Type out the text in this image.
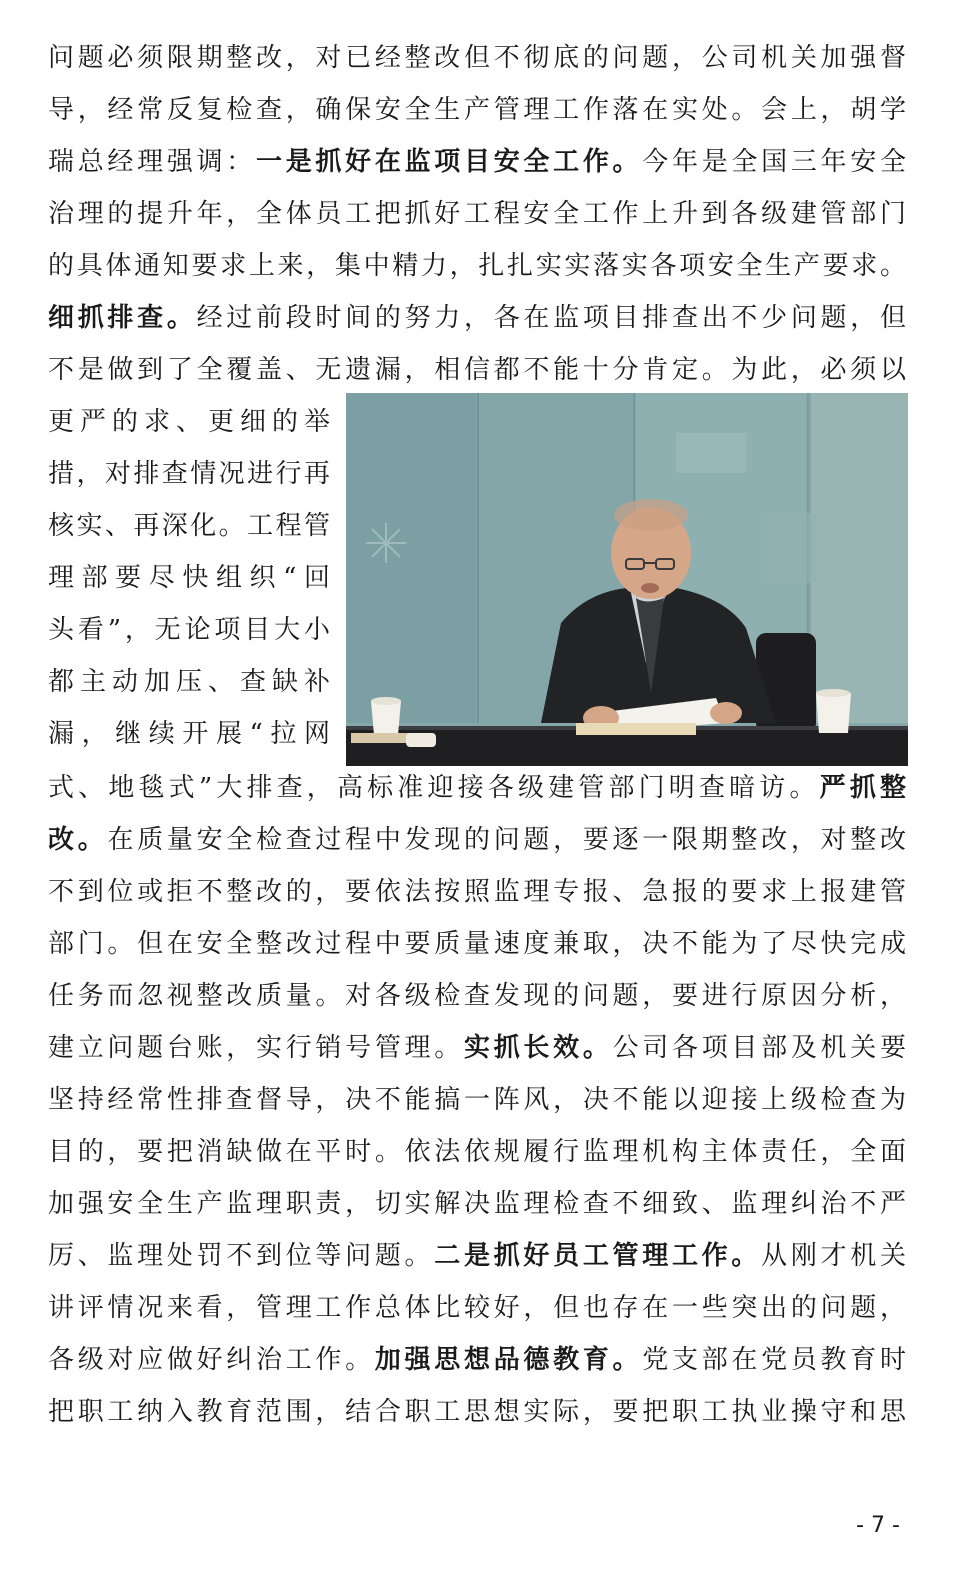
问题必须限期整改，对已经整改但不彻底的问题，公司机关加强督
导，经常反复检查，确保安全生产管理工作落在实处。会上，胡学
瑞总经理强调：一是抓好在监项目安全工作。今年是全国三年安全
治理的提升年，全体员工把抓好工程安全工作上升到各级建管部门
的具体通知要求上来，集中精力，扎扎实实落实各项安全生产要求。
细抓排查。经过前段时间的努力，各在监项目排查出不少问题，但
不是做到了全覆盖、无遗漏，相信都不能十分肯定。为此，必须以
更严的求、更细的举
措，对排查情况进行再
核实、再深化。工程管
理部要尽快组织“回
头看”，无论项目大小
都主动加压、查缺补
漏，继续开展“拉网
式、地毯式”大排查，高标准迎接各级建管部门明查暗访。严抓整
改。在质量安全检查过程中发现的问题，要逐一限期整改，对整改
不到位或拒不整改的，要依法按照监理专报、急报的要求上报建管
部门。但在安全整改过程中要质量速度兼取，决不能为了尽快完成
任务而忽视整改质量。对各级检查发现的问题，要进行原因分析，
建立问题台账，实行销号管理。实抓长效。公司各项目部及机关要
坚持经常性排查督导，决不能搞一阵风，决不能以迎接上级检查为
目的，要把消缺做在平时。依法依规履行监理机构主体责任，全面
加强安全生产监理职责，切实解决监理检查不细致、监理纠治不严
厉、监理处罚不到位等问题。二是抓好员工管理工作。从刚才机关
讲评情况来看，管理工作总体比较好，但也存在一些突出的问题，
各级对应做好纠治工作。加强思想品德教育。党支部在党员教育时
把职工纳入教育范围，结合职工思想实际，要把职工执业操守和思
- 7 -
